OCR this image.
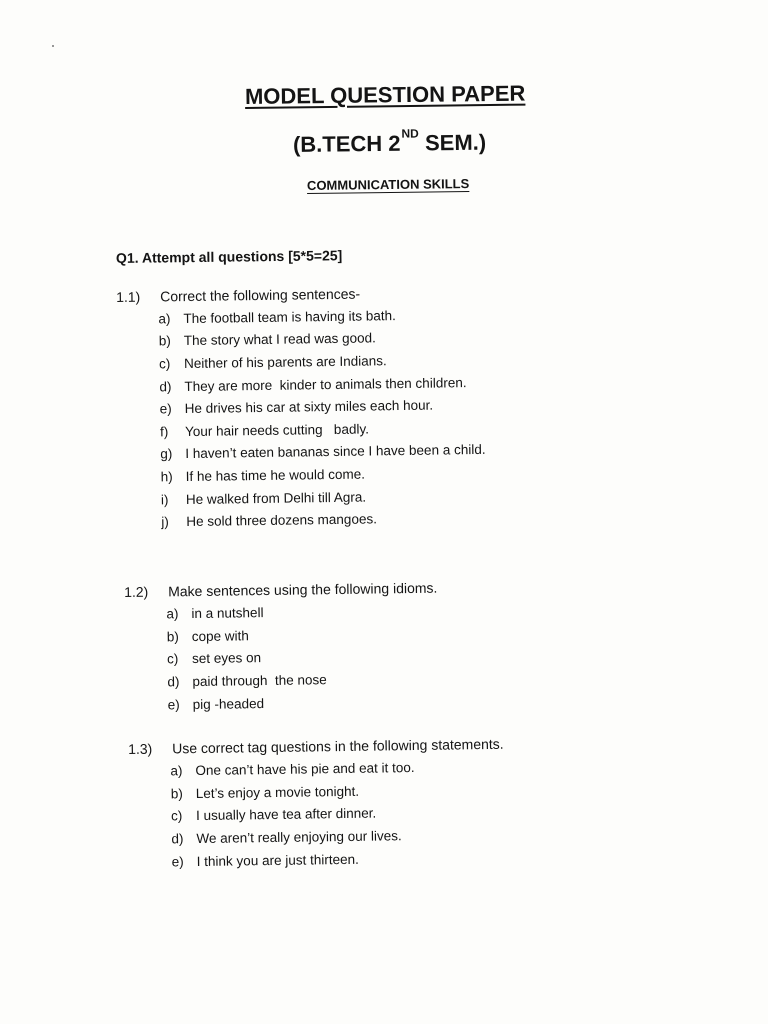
MODEL QUESTION PAPER
(B.TECH 2ND SEM.)
COMMUNICATION SKILLS
Q1. Attempt all questions [5*5=25]
1.1)	Correct the following sentences-
a) The football team is having its bath.
b) The story what I read was good.
c)	Neither of his parents are Indians.
d) They are more  kinder to animals then children.
e) He drives his car at sixty miles each hour.
f)	Your hair needs cutting   badly.
g) I haven’t eaten bananas since I have been a child.
h) If he has time he would come.
i)	He walked from Delhi till Agra.
j)	He sold three dozens mangoes.
1.2)	Make sentences using the following idioms.
a) in a nutshell
b) cope with
c)	set eyes on
d) paid through  the nose
e) pig -headed
1.3)	Use correct tag questions in the following statements.
a) One can’t have his pie and eat it too.
b) Let’s enjoy a movie tonight.
c)	I usually have tea after dinner.
d) We aren’t really enjoying our lives.
e) I think you are just thirteen.
